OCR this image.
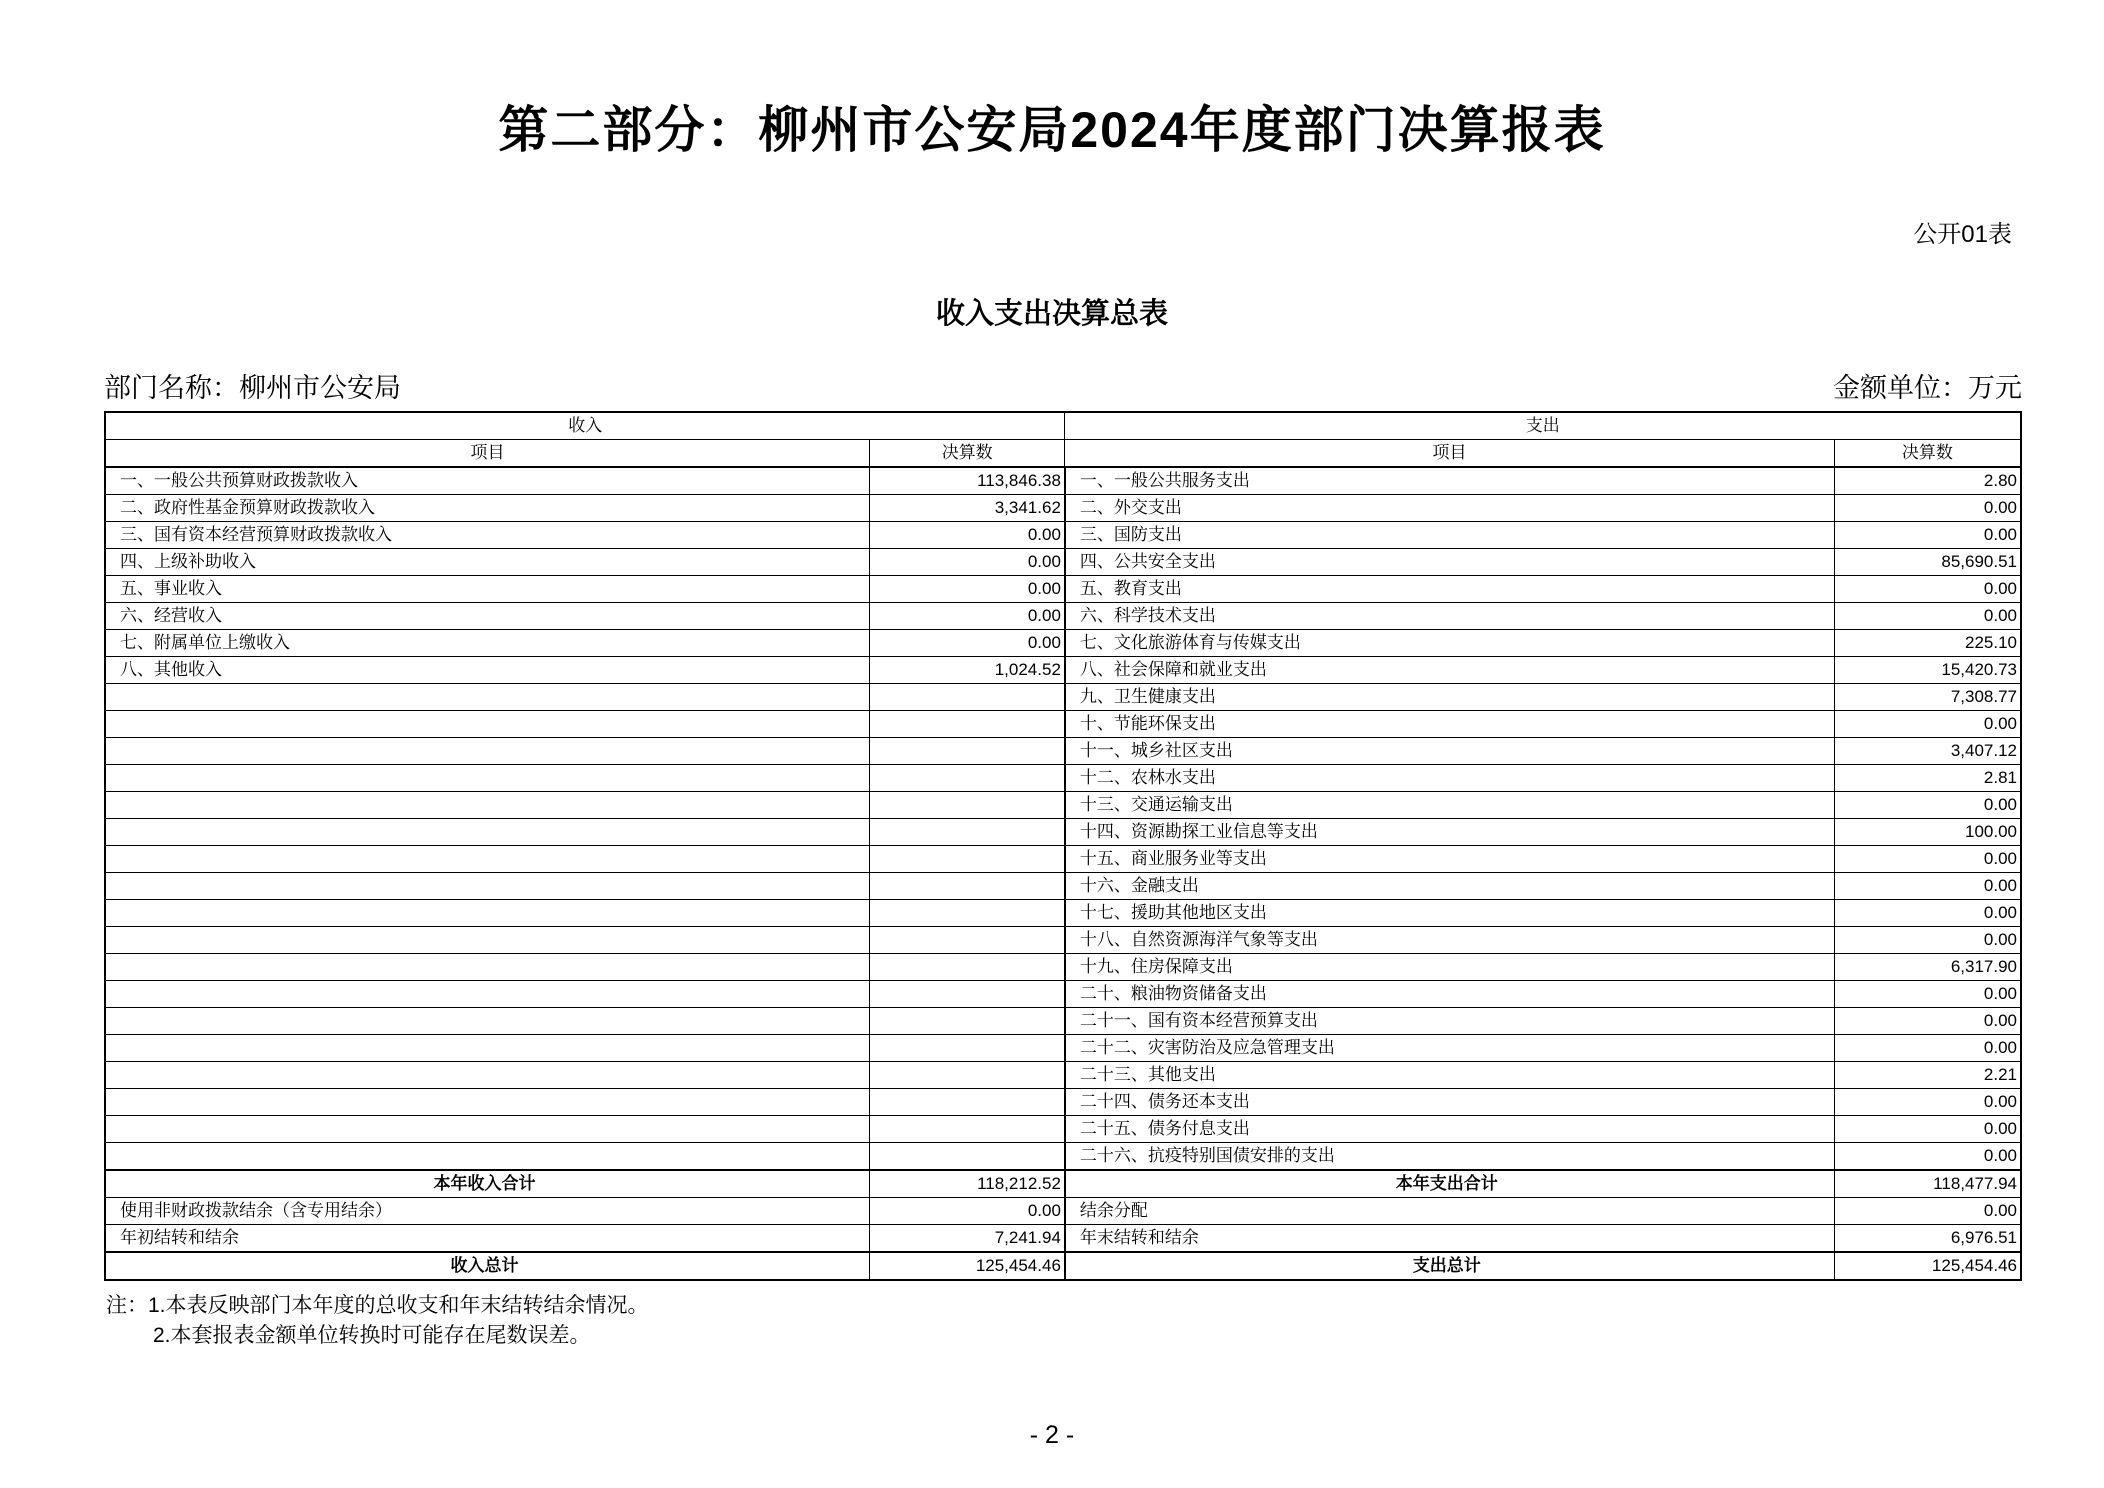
第二部分：柳州市公安局2024年度部门决算报表
公开01表
收入支出决算总表
部门名称：柳州市公安局	金额单位：万元
收入		支出	
项目	决算数	项目	决算数
一、一般公共预算财政拨款收入	113,846.38	一、一般公共服务支出	2.80
二、政府性基金预算财政拨款收入	3,341.62	二、外交支出	0.00
三、国有资本经营预算财政拨款收入	0.00	三、国防支出	0.00
四、上级补助收入	0.00	四、公共安全支出	85,690.51
五、事业收入	0.00	五、教育支出	0.00
六、经营收入	0.00	六、科学技术支出	0.00
七、附属单位上缴收入	0.00	七、文化旅游体育与传媒支出	225.10
八、其他收入	1,024.52	八、社会保障和就业支出	15,420.73
		九、卫生健康支出	7,308.77
		十、节能环保支出	0.00
		十一、城乡社区支出	3,407.12
		十二、农林水支出	2.81
		十三、交通运输支出	0.00
		十四、资源勘探工业信息等支出	100.00
		十五、商业服务业等支出	0.00
		十六、金融支出	0.00
		十七、援助其他地区支出	0.00
		十八、自然资源海洋气象等支出	0.00
		十九、住房保障支出	6,317.90
		二十、粮油物资储备支出	0.00
		二十一、国有资本经营预算支出	0.00
		二十二、灾害防治及应急管理支出	0.00
		二十三、其他支出	2.21
		二十四、债务还本支出	0.00
		二十五、债务付息支出	0.00
		二十六、抗疫特别国债安排的支出	0.00
本年收入合计	118,212.52	本年支出合计	118,477.94
使用非财政拨款结余（含专用结余）	0.00	结余分配	0.00
年初结转和结余	7,241.94	年末结转和结余	6,976.51
收入总计	125,454.46	支出总计	125,454.46
注：1.本表反映部门本年度的总收支和年末结转结余情况。
2.本套报表金额单位转换时可能存在尾数误差。
- 2 -
